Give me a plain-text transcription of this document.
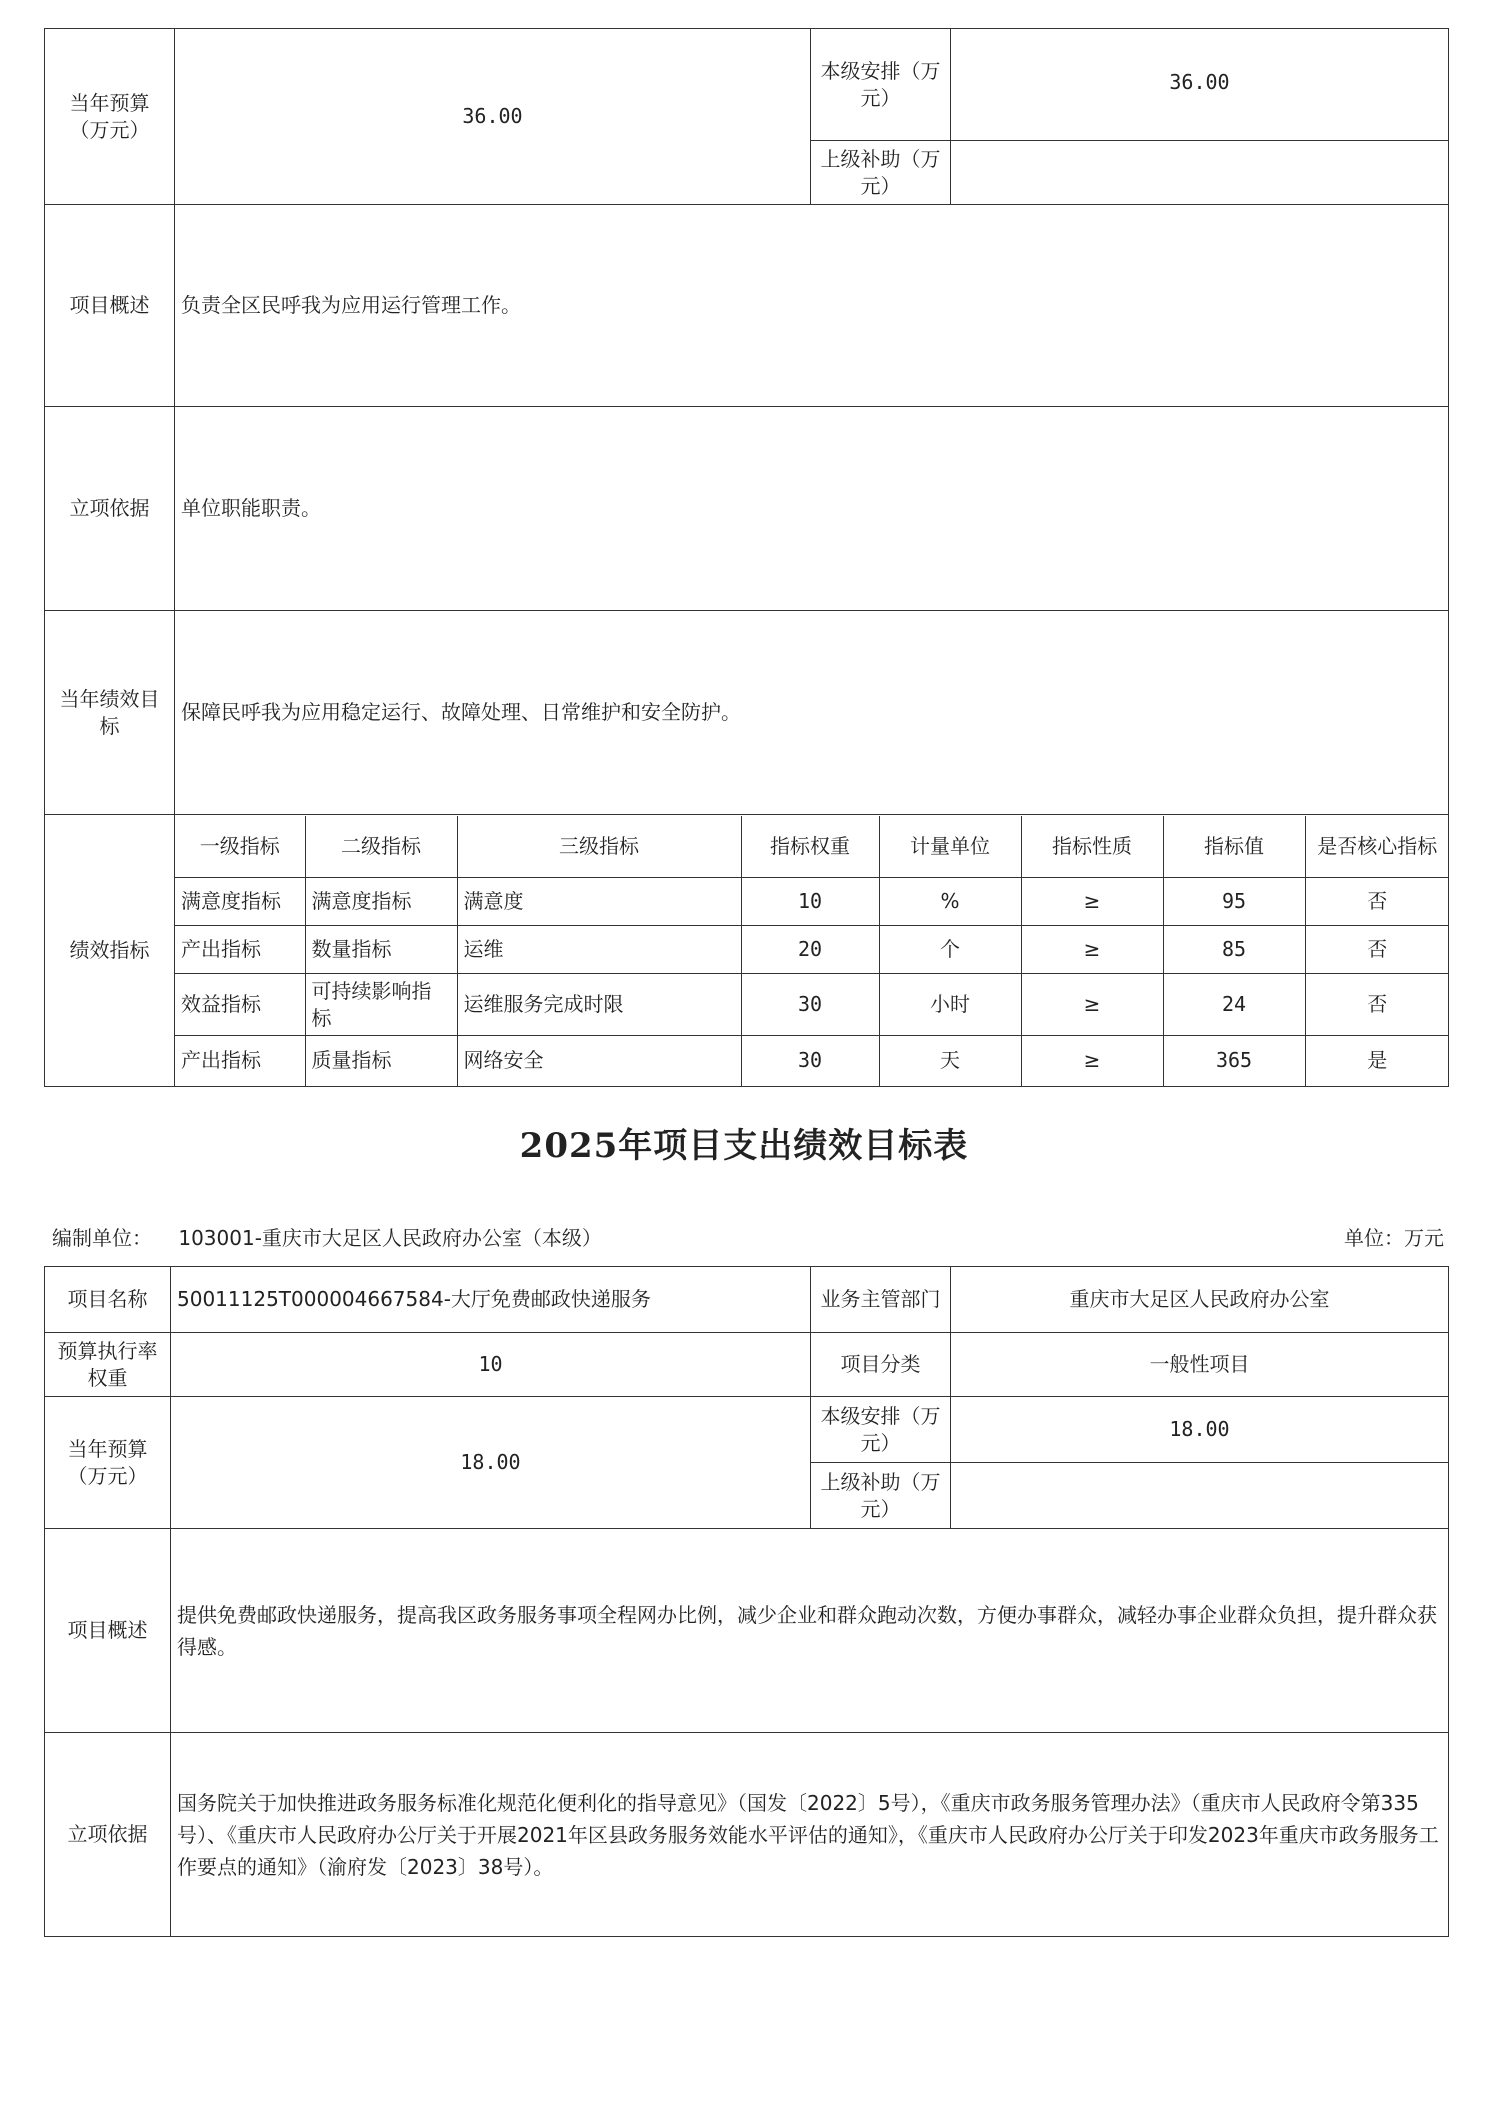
当年预算（万元）	36.00	本级安排（万元）	36.00
上级补助（万元）	
项目概述	负责全区民呼我为应用运行管理工作。
立项依据	单位职能职责。
当年绩效目标	保障民呼我为应用稳定运行、故障处理、日常维护和安全防护。
绩效指标	
一级指标	二级指标	三级指标	指标权重	计量单位	指标性质	指标值	是否核心指标
满意度指标	满意度指标	满意度	10	%	≥	95	否
产出指标	数量指标	运维	20	个	≥	85	否
效益指标	可持续影响指标	运维服务完成时限	30	小时	≥	24	否
产出指标	质量指标	网络安全	30	天	≥	365	是
2025年项目支出绩效目标表
编制单位： 103001-重庆市大足区人民政府办公室（本级）	单位：万元
项目名称	50011125T000004667584-大厅免费邮政快递服务	业务主管部门	重庆市大足区人民政府办公室
预算执行率权重	10	项目分类	一般性项目
当年预算（万元）	18.00	本级安排（万元）	18.00
		上级补助（万元）	
项目概述	提供免费邮政快递服务，提高我区政务服务事项全程网办比例，减少企业和群众跑动次数，方便办事群众，减轻办事企业群众负担，提升群众获得感。		
立项依据	国务院关于加快推进政务服务标准化规范化便利化的指导意见》（国发〔2022〕5号），《重庆市政务服务管理办法》（重庆市人民政府令第335号）、《重庆市人民政府办公厅关于开展2021年区县政务服务效能水平评估的通知》，《重庆市人民政府办公厅关于印发2023年重庆市政务服务工作要点的通知》（渝府发〔2023〕38号）。		
